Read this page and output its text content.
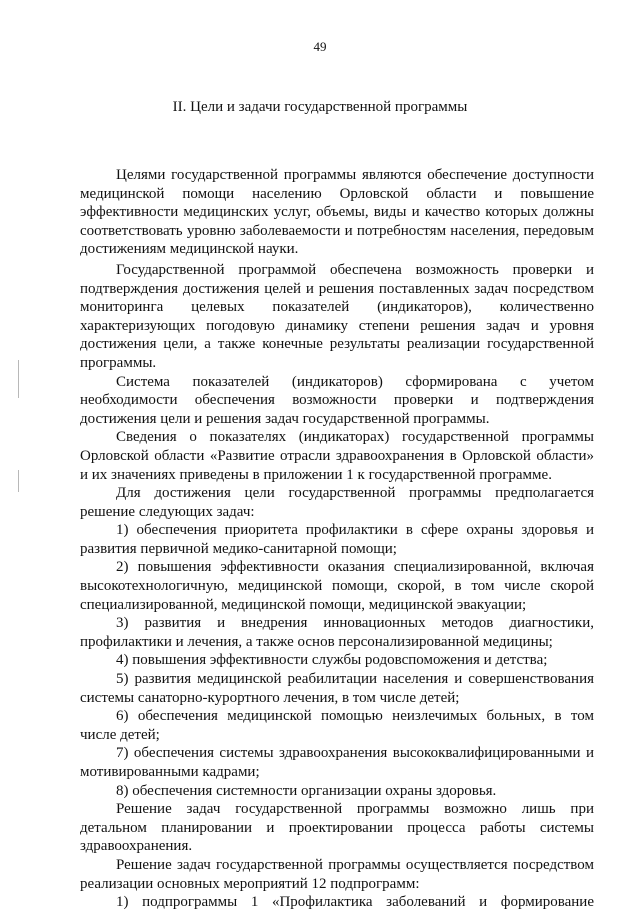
49
II. Цели и задачи государственной программы

Целями государственной программы являются обеспечение доступности медицинской помощи населению Орловской области и повышение эффективности медицинских услуг, объемы, виды и качество которых должны соответствовать уровню заболеваемости и потребностям населения, передовым достижениям медицинской науки.

Государственной программой обеспечена возможность проверки и подтверждения достижения целей и решения поставленных задач посредством мониторинга целевых показателей (индикаторов), количественно характеризующих погодовую динамику степени решения задач и уровня достижения цели, а также конечные результаты реализации государственной программы.

Система показателей (индикаторов) сформирована с учетом необходимости обеспечения возможности проверки и подтверждения достижения цели и решения задач государственной программы.

Сведения о показателях (индикаторах) государственной программы Орловской области «Развитие отрасли здравоохранения в Орловской области» и их значениях приведены в приложении 1 к государственной программе.

Для достижения цели государственной программы предполагается решение следующих задач:

1) обеспечения приоритета профилактики в сфере охраны здоровья и развития первичной медико-санитарной помощи;

2) повышения эффективности оказания специализированной, включая высокотехнологичную, медицинской помощи, скорой, в том числе скорой специализированной, медицинской помощи, медицинской эвакуации;

3) развития и внедрения инновационных методов диагностики, профилактики и лечения, а также основ персонализированной медицины;

4) повышения эффективности службы родовспоможения и детства;

5) развития медицинской реабилитации населения и совершенствования системы санаторно-курортного лечения, в том числе детей;

6) обеспечения медицинской помощью неизлечимых больных, в том числе детей;

7) обеспечения системы здравоохранения высококвалифицированными и мотивированными кадрами;

8) обеспечения системности организации охраны здоровья.

Решение задач государственной программы возможно лишь при детальном планировании и проектировании процесса работы системы здравоохранения.

Решение задач государственной программы осуществляется посредством реализации основных мероприятий 12 подпрограмм:

1) подпрограммы 1 «Профилактика заболеваний и формирование
